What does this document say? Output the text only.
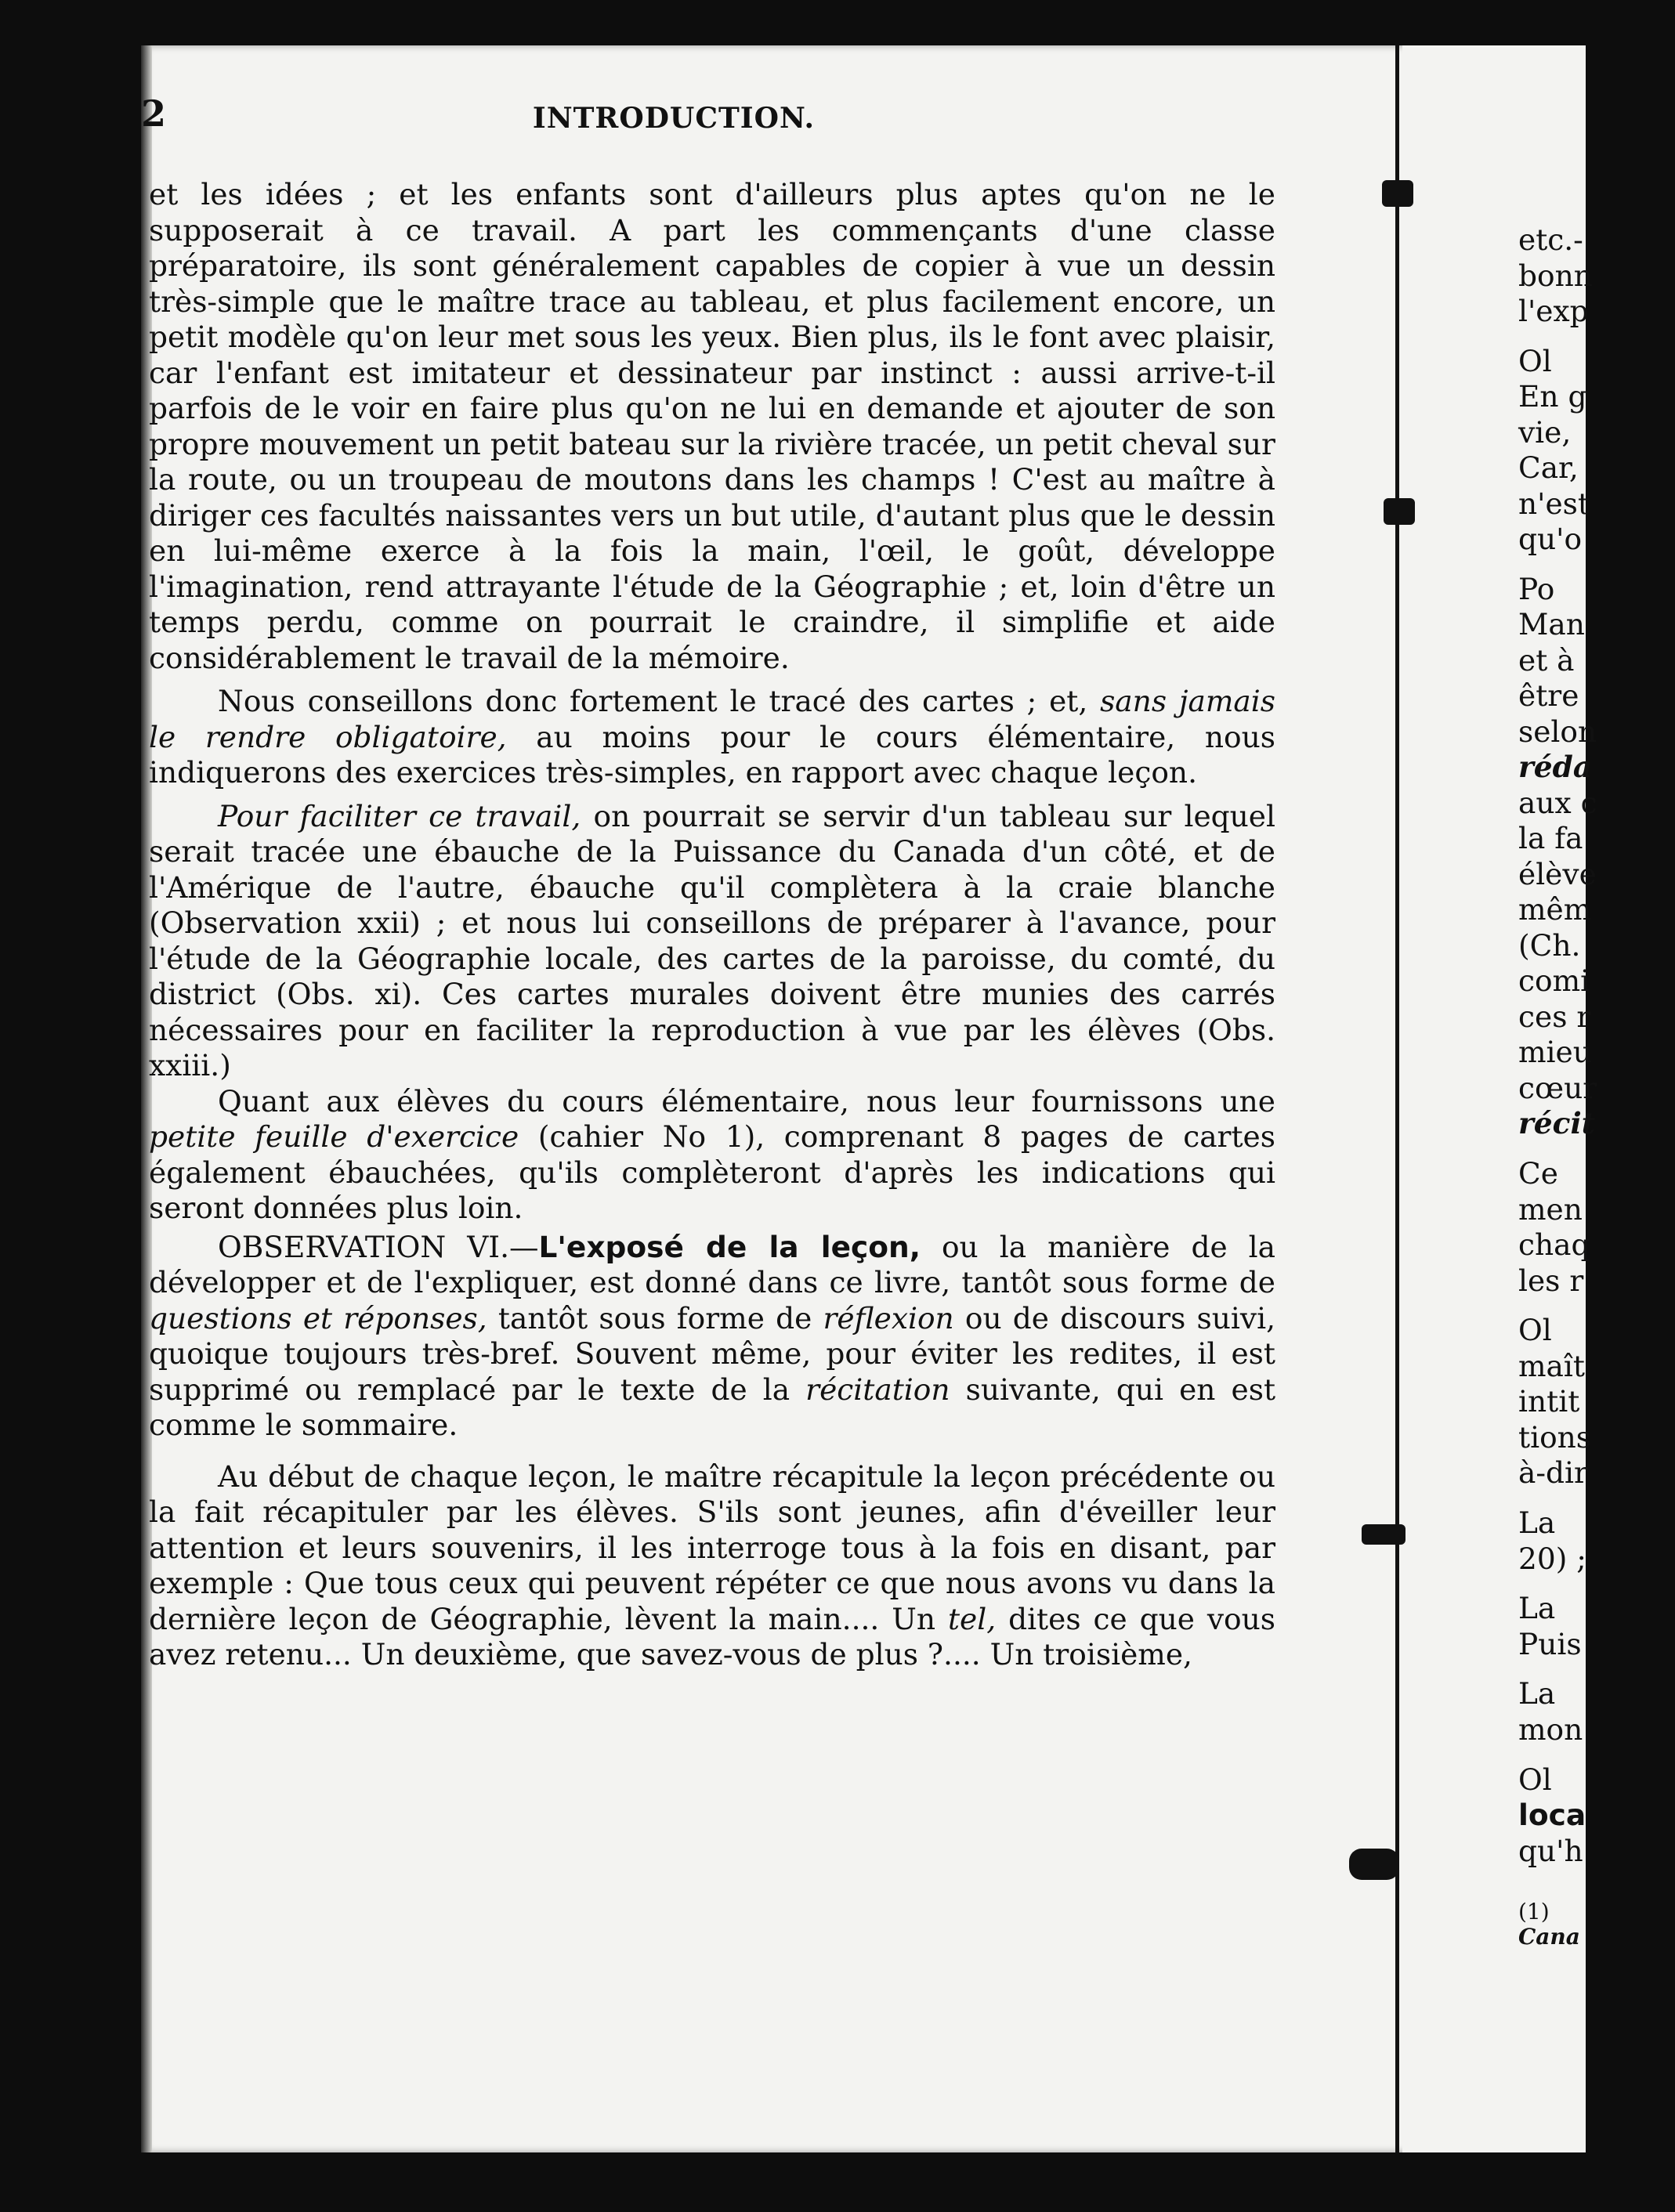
2	INTRODUCTION.

et les idées ; et les enfants sont d'ailleurs plus aptes qu'on ne le supposerait à ce travail. A part les commençants d'une classe préparatoire, ils sont généralement capables de copier à vue un dessin très-simple que le maître trace au tableau, et plus facilement encore, un petit modèle qu'on leur met sous les yeux. Bien plus, ils le font avec plaisir, car l'enfant est imitateur et dessinateur par instinct : aussi arrive-t-il parfois de le voir en faire plus qu'on ne lui en demande et ajouter de son propre mouvement un petit bateau sur la rivière tracée, un petit cheval sur la route, ou un troupeau de moutons dans les champs ! C'est au maître à diriger ces facultés naissantes vers un but utile, d'autant plus que le dessin en lui-même exerce à la fois la main, l'œil, le goût, développe l'imagination, rend attrayante l'étude de la Géographie ; et, loin d'être un temps perdu, comme on pourrait le craindre, il simplifie et aide considérablement le travail de la mémoire.

Nous conseillons donc fortement le tracé des cartes ; et, sans jamais le rendre obligatoire, au moins pour le cours élémentaire, nous indiquerons des exercices très-simples, en rapport avec chaque leçon.

Pour faciliter ce travail, on pourrait se servir d'un tableau sur lequel serait tracée une ébauche de la Puissance du Canada d'un côté, et de l'Amérique de l'autre, ébauche qu'il complètera à la craie blanche (Observation xxii) ; et nous lui conseillons de préparer à l'avance, pour l'étude de la Géographie locale, des cartes de la paroisse, du comté, du district (Obs. xi). Ces cartes murales doivent être munies des carrés nécessaires pour en faciliter la reproduction à vue par les élèves (Obs. xxiii.)

Quant aux élèves du cours élémentaire, nous leur fournissons une petite feuille d'exercice (cahier No 1), comprenant 8 pages de cartes également ébauchées, qu'ils complèteront d'après les indications qui seront données plus loin.

OBSERVATION VI.—L'exposé de la leçon, ou la manière de la développer et de l'expliquer, est donné dans ce livre, tantôt sous forme de questions et réponses, tantôt sous forme de réflexion ou de discours suivi, quoique toujours très-bref. Souvent même, pour éviter les redites, il est supprimé ou remplacé par le texte de la récitation suivante, qui en est comme le sommaire.

Au début de chaque leçon, le maître récapitule la leçon précédente ou la fait récapituler par les élèves. S'ils sont jeunes, afin d'éveiller leur attention et leurs souvenirs, il les interroge tous à la fois en disant, par exemple : Que tous ceux qui peuvent répéter ce que nous avons vu dans la dernière leçon de Géographie, lèvent la main.... Un tel, dites ce que vous avez retenu... Un deuxième, que savez-vous de plus ?.... Un troisième,

etc.-
bonn
l'exp
Ol
En g
vie,
Car,
n'est
qu'o
Po
Man
et à
être
selon
réda
aux c
la fa
élève
mêm
(Ch.
comi
ces r
mieu
cœur
récit
Ce
men
chaq
les r
Ol
maît
intit
tions
à-dir
La
20) ;
La
Puis
La
mon
Ol
loca
qu'h
(1)
Cana
